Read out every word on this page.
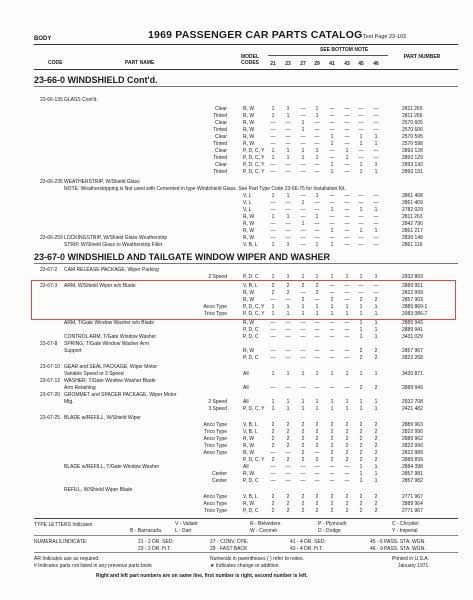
BODY	1969 PASSENGER CAR PARTS CATALOG Text Page 23-103
SEE BOTTOM NOTE
CODE	PART NAME
MODEL CODES	21	23	27	29	41	43	45	46
PART NUMBER
23-66-0 WINDSHIELD Cont'd.
23-67-0 WINDSHIELD AND TAILGATE WINDOW WIPER AND WASHER
23-66-135 GLASS Cont'd.
Clear	R, W	1	1	—	1	—	—	—	—	2811 265
Tinted	R, W	1	1	—	1	—	—	—	—	2811 266
Clear	R, W	—	—	1	—	—	—	—	—	2570 605
Tinted	R, W	—	—	1	—	—	—	—	—	2570 606
Clear	R, W	—	—	—	—	1	—	1	1	2570 595
Tinted	R, W	—	—	—	—	1	—	1	1	2570 598
Clear	P, D, C, Y	1	1	1	1	—	1	—	—	2893 128
Tinted	P, D, C, Y	1	1	1	1	—	1	—	—	2893 129
Clear	P, D, C, Y	—	—	—	—	1	—	1	1	2893 130
Tinted	P, D, C, Y	—	—	—	—	1	—	1	1	2893 131
23-66-235 WEATHERSTRIP, W/Shield Glass
NOTE: Weatherstripping is Not used with Cemented in type Windshield Glass. See Part Type Code 23-66-75 for Installation Kit.
V, L	1	1	—	1	—	—	—	—	2861 408
V, L	—	—	1	—	—	—	—	—	2861 409
V, L	—	—	—	—	1	—	1	1	2782 029
R, W	1	1	—	1	—	—	—	—	2811 263
R, W	—	—	1	—	—	—	—	—	2842 790
R, W	—	—	—	—	1	—	1	1	2861 217
23-66-259 LOCKINGSTRIP, W/Shield Glass Weatherstrip	R, W	—	—	—	—	—	—	—	—	2839 148
STRIP, W/Shield Glass to Weatherstrip Filler	V, B, L	1	1	—	1	1	—	—	—	2861 116
23-67-2 CAM RELEASE PACKAGE, Wiper Parking
2 Speed	P, D, C	1	1	1	1	1	1	1	1	2932 869
23-67-3 ARM, W/Shield Wiper w/o Blade	V, B, L	2	2	2	2	—	—	—	—	2889 951
R, W	2	2	—	2	—	—	—	—	2822 999
R, W	—	—	2	—	2	—	2	2	2857 903
Anco Type	P, D, C, Y	1	1	1	1	1	1	1	1	2889 860-1
Trico Type	P, D, C, Y	1	1	1	1	1	1	1	1	2983 086-7
ARM, T/Gate Window Washer w/o Blade	R, W	—	—	—	—	—	—	1	1	2889 943
P, D, C	—	—	—	—	—	—	1	1	2889 941
CONTROL ARM, T/Gate Window Washer	P, D, C	—	—	—	—	—	—	1	1	3431 029
23-67-8 SPRING, T/Gate Window Washer Arm
Support	R, W	—	—	—	—	—	—	2	2	2857 967
P, D, C	—	—	—	—	—	—	2	2	2822 268
23-67-10 GEAR and SEAL PACKAGE, Wiper Motor
Variable Speed or 3 Speed	All	1	1	1	1	1	1	1	1	3420 871
23-67-12 WASHER, T/Gate Window Washer Blade
Arm Retaining	All	—	—	—	—	—	—	2	2	2889 943
23-67-20 GROMMET and SPACER PACKAGE, Wiper Motor
Mtg.	2 Speed	All	1	1	1	1	1	1	1	1	2932 708
3 Speed	P, D, C, Y	1	1	1	1	1	1	1	1	2421 482
23-67-25 BLADE w/REFILL, W/Shield Wiper
Anco Type	V, B, L	2	2	2	2	2	2	2	2	2889 963
Trico Type	V, B, L	2	2	2	2	2	2	2	2	2822 990
Anco Type	R, W	2	2	2	2	2	2	2	2	2889 962
Trico Type	R, W	2	2	2	2	2	2	2	2	2822 990
Anco Type	R, W	—	—	2	—	2	2	2	2	2822 989
P, D, C, Y	2	2	2	2	2	2	2	2	2889 839
BLADE w/REFILL, T/Gate Window Washer	All	—	—	—	—	—	—	1	1	2884 398
Center	R, W	—	—	—	—	—	—	1	1	2857 981
Center	P, D, C	—	—	—	—	—	—	1	1	2857 982
REFILL, W/Shield Wiper Blade
Anco Type	V, B, L	2	2	2	2	2	2	2	2	2771 967
Anco Type	R, W	2	2	2	2	2	2	2	2	2889 964
Trico Type	P, D, C	2	2	2	2	2	2	2	2	2771 967
TYPE LETTERS Indicates	V - Valiant	R - Belvedere	P - Plymouth	C - Chrysler
B - Barracuda	L - Dart	W - Coronet	D - Dodge	Y - Imperial
NUMERALS INDICATE:	21 - 2 DR. SED.	27 - CONV. CPE.	41 - 4 DR. SED.	45 - 6 PASS. STA. WGN.
23 - 2 DR. H.T.	29 - FAST BACK	43 - 4 DR. H.T.	46 - 9 PASS. STA. WGN.
AR Indicates use as required.
# Indicates parts not listed in any previous parts book
Numerals in parentheses ( ) refer to notes.
★ Indicates change or addition.
Printed in U.S.A.
January 1971
Right and left part numbers are on same line, first number is right, second number is left.
